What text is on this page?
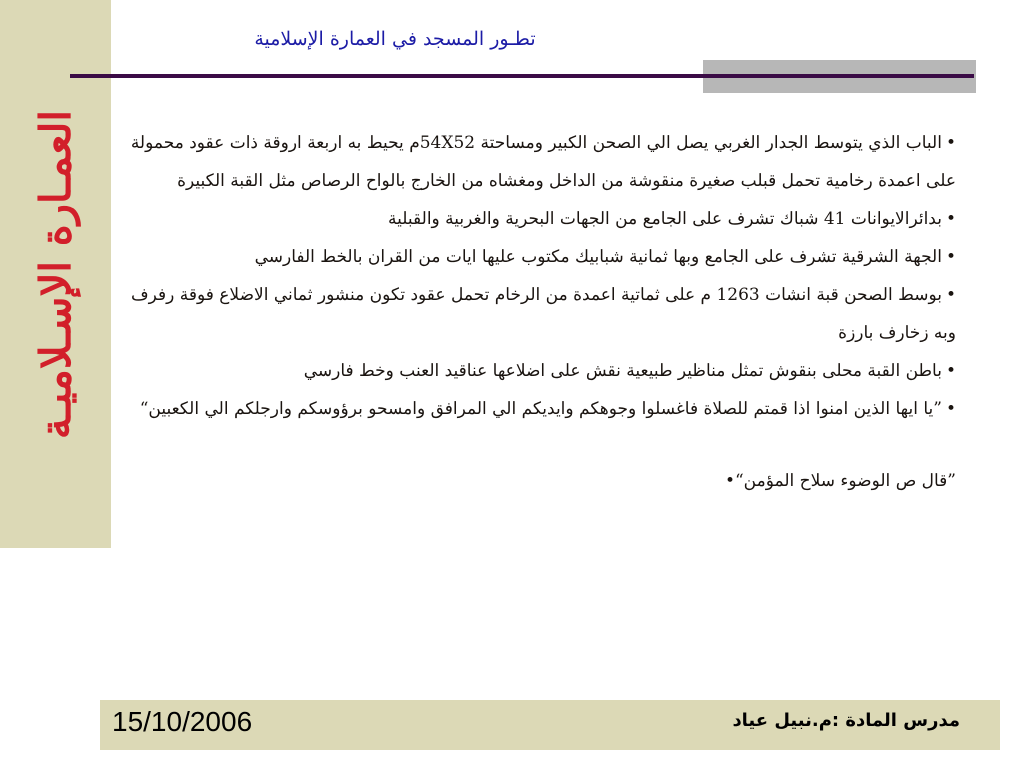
العمـارة الإسـلاميـة
تطـور المسجد في العمارة الإسلامية

•الباب الذي يتوسط الجدار الغربي يصل الي الصحن الكبير ومساحتة 54X52م يحيط به اربعة اروقة ذات عقود محمولة على اعمدة رخامية تحمل قبلب صغيرة منقوشة من الداخل ومغشاه من الخارج بالواح الرصاص مثل القبة الكبيرة

•بدائرالايوانات 41 شباك تشرف على الجامع من الجهات البحرية والغربية والقبلية

•الجهة الشرقية تشرف على الجامع وبها ثمانية شبابيك مكتوب عليها ايات من القران بالخط الفارسي

•بوسط الصحن قبة انشات 1263 م على ثماتية اعمدة من الرخام تحمل عقود تكون منشور ثماني الاضلاع فوقة رفرف وبه زخارف بارزة

•باطن القبة محلى بنقوش تمثل مناظير طبيعية نقش على اضلاعها عناقيد العنب وخط فارسي

•”يا ايها الذين امنوا اذا قمتم للصلاة فاغسلوا وجوهكم وايديكم الي المرافق وامسحو برؤوسكم وارجلكم الي الكعبين“

”قال ص الوضوء سلاح المؤمن“•

15/10/2006	مدرس المادة :م.نبيل عياد
